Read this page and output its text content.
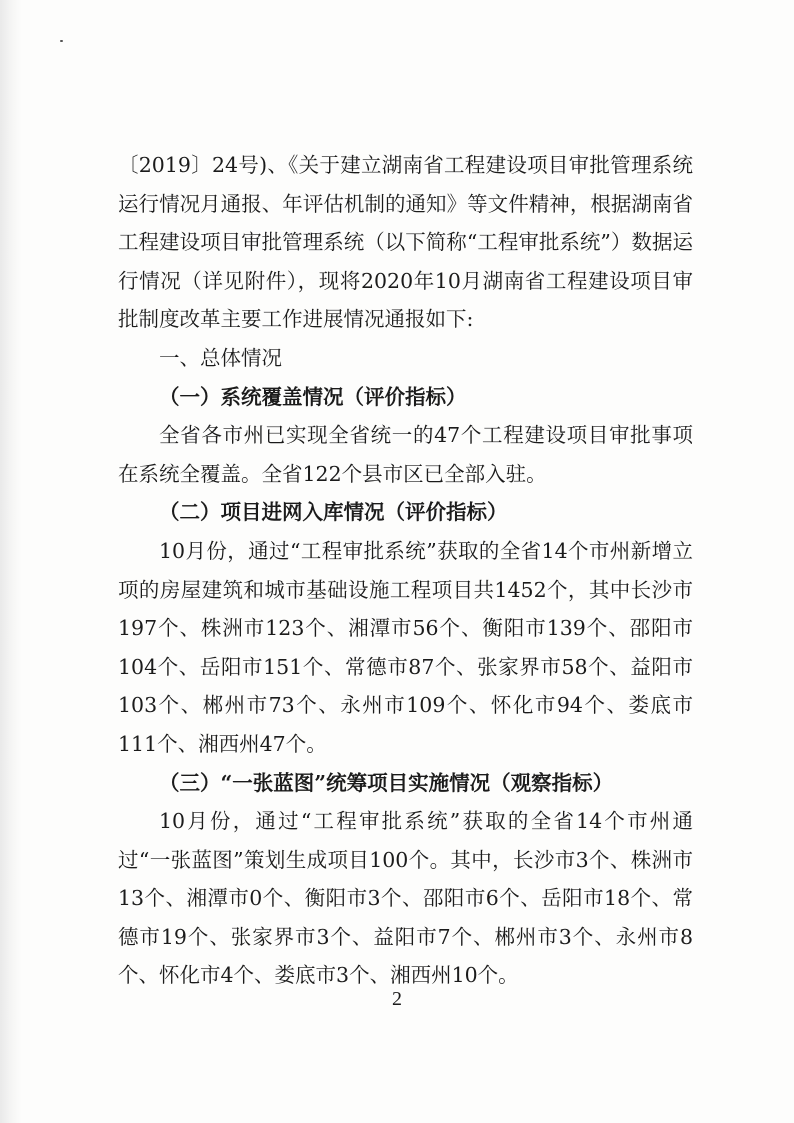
〔2019〕24号)、《关于建立湖南省工程建设项目审批管理系统运行情况月通报、年评估机制的通知》等文件精神，根据湖南省工程建设项目审批管理系统（以下简称“工程审批系统”）数据运行情况（详见附件），现将2020年10月湖南省工程建设项目审批制度改革主要工作进展情况通报如下:

一、总体情况

（一）系统覆盖情况（评价指标）

全省各市州已实现全省统一的47个工程建设项目审批事项在系统全覆盖。全省122个县市区已全部入驻。

（二）项目进网入库情况（评价指标）

10月份，通过“工程审批系统”获取的全省14个市州新增立项的房屋建筑和城市基础设施工程项目共1452个，其中长沙市197个、株洲市123个、湘潭市56个、衡阳市139个、邵阳市104个、岳阳市151个、常德市87个、张家界市58个、益阳市103个、郴州市73个、永州市109个、怀化市94个、娄底市111个、湘西州47个。

（三）“一张蓝图”统筹项目实施情况（观察指标）

10月份，通过“工程审批系统”获取的全省14个市州通过“一张蓝图”策划生成项目100个。其中，长沙市3个、株洲市13个、湘潭市0个、衡阳市3个、邵阳市6个、岳阳市18个、常德市19个、张家界市3个、益阳市7个、郴州市3个、永州市8个、怀化市4个、娄底市3个、湘西州10个。

2
